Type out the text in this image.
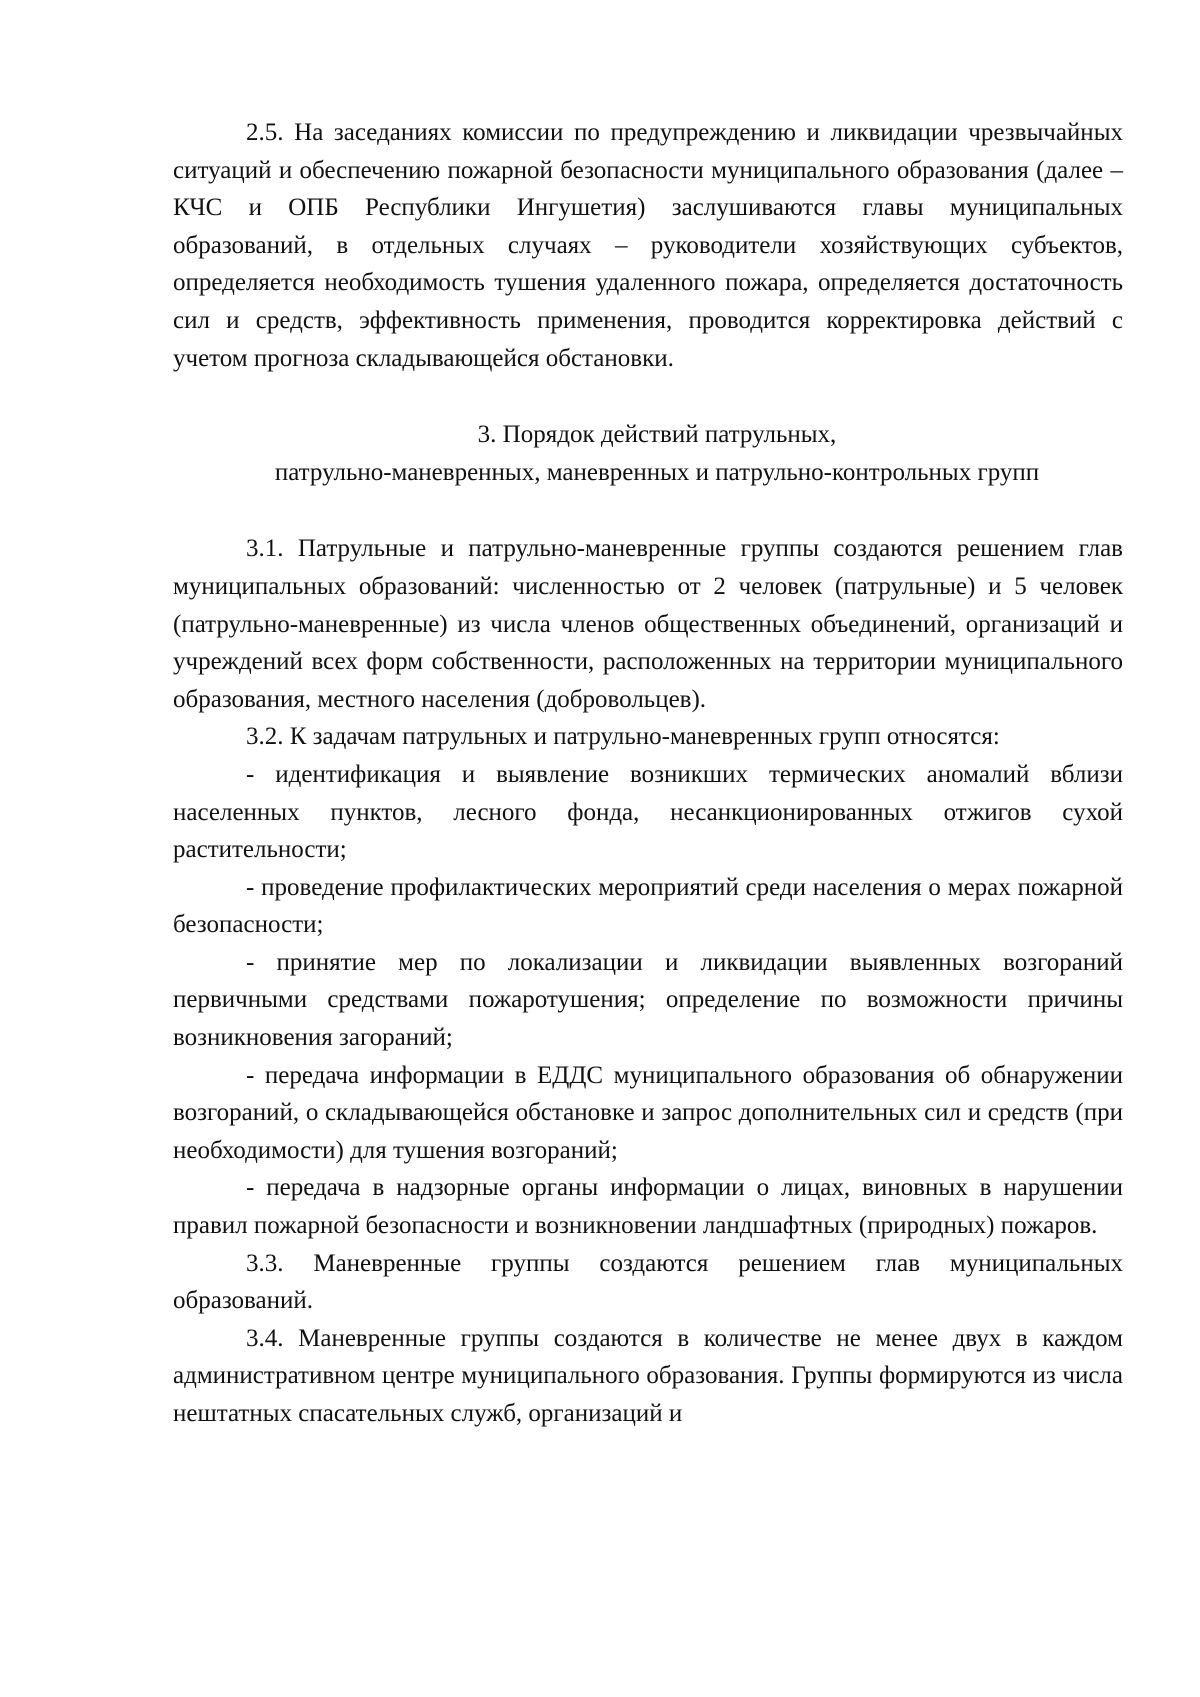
2.5. На заседаниях комиссии по предупреждению и ликвидации чрезвычайных ситуаций и обеспечению пожарной безопасности муниципального образования (далее – КЧС и ОПБ Республики Ингушетия) заслушиваются главы муниципальных образований, в отдельных случаях – руководители хозяйствующих субъектов, определяется необходимость тушения удаленного пожара, определяется достаточность сил и средств, эффективность применения, проводится корректировка действий с учетом прогноза складывающейся обстановки.

3. Порядок действий патрульных,
патрульно-маневренных, маневренных и патрульно-контрольных групп

3.1. Патрульные и патрульно-маневренные группы создаются решением глав муниципальных образований: численностью от 2 человек (патрульные) и 5 человек (патрульно-маневренные) из числа членов общественных объединений, организаций и учреждений всех форм собственности, расположенных на территории муниципального образования, местного населения (добровольцев).

3.2. К задачам патрульных и патрульно-маневренных групп относятся:

- идентификация и выявление возникших термических аномалий вблизи населенных пунктов, лесного фонда, несанкционированных отжигов сухой растительности;

- проведение профилактических мероприятий среди населения о мерах пожарной безопасности;

- принятие мер по локализации и ликвидации выявленных возгораний первичными средствами пожаротушения; определение по возможности причины возникновения загораний;

- передача информации в ЕДДС муниципального образования об обнаружении возгораний, о складывающейся обстановке и запрос дополнительных сил и средств (при необходимости) для тушения возгораний;

- передача в надзорные органы информации о лицах, виновных в нарушении правил пожарной безопасности и возникновении ландшафтных (природных) пожаров.

3.3. Маневренные группы создаются решением глав муниципальных образований.

3.4. Маневренные группы создаются в количестве не менее двух в каждом административном центре муниципального образования. Группы формируются из числа нештатных спасательных служб, организаций и
